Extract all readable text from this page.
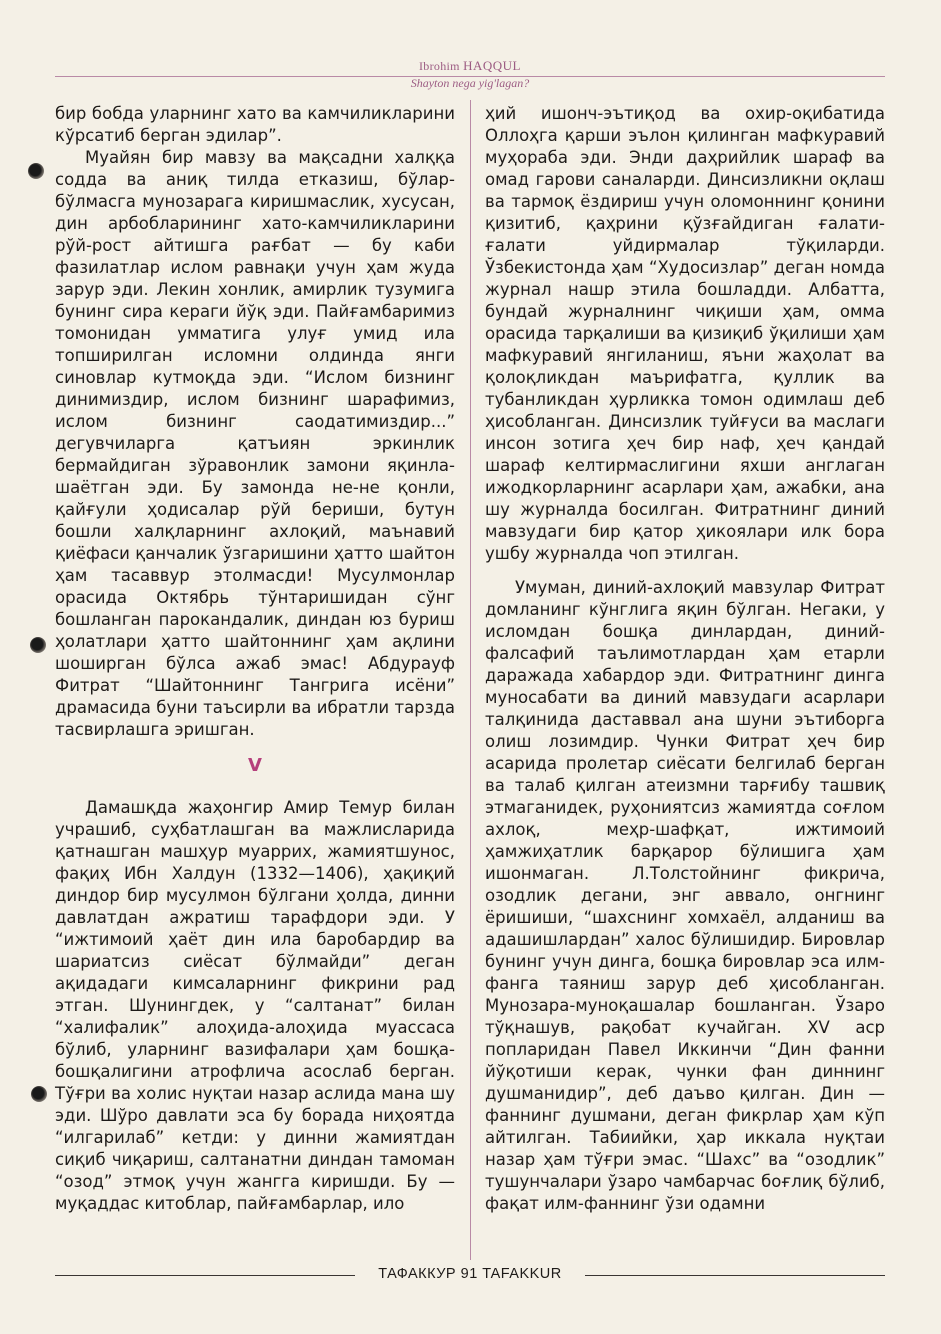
Ibrohim HAQQUL
Shayton nega yig'lagan?

бир бобда уларнинг хато ва камчиликларини кўрсатиб берган эдилар”.

Муайян бир мавзу ва мақсадни халққа содда ва аниқ тилда етказиш, бўлар-бўлмасга мунозарага киришмаслик, хусусан, дин арбобларининг хато-камчиликларини рўй-рост айтишга рағбат — бу каби фазилатлар ислом равнақи учун ҳам жуда зарур эди. Лекин хонлик, амирлик тузумига бунинг сира кераги йўқ эди. Пайғамбаримиз томонидан умматига улуғ умид ила топширилган исломни олдинда янги синовлар кутмоқда эди. “Ислом бизнинг динимиздир, ислом бизнинг шарафимиз, ислом бизнинг саодатимиздир...” дегувчиларга қатъиян эркинлик бермайдиган зўравонлик замони яқинлашаётган эди. Бу замонда не-не қонли, қайғули ҳодисалар рўй бериши, бутун бошли халқларнинг ахлоқий, маънавий қиёфаси қанчалик ўзгаришини ҳатто шайтон ҳам тасаввур этолмасди! Мусулмонлар орасида Октябрь тўнтаришидан сўнг бошланган парокандалик, диндан юз буриш ҳолатлари ҳатто шайтоннинг ҳам ақлини шоширган бўлса ажаб эмас! Абдурауф Фитрат “Шайтоннинг Тангрига исёни” драмасида буни таъсирли ва ибратли тарзда тасвирлашга эришган.

V

Дамашқда жаҳонгир Амир Темур билан учрашиб, суҳбатлашган ва мажлисларида қатнашган машҳур муаррих, жамиятшунос, фақиҳ Ибн Халдун (1332—1406), ҳақиқий диндор бир мусулмон бўлгани ҳолда, динни давлатдан ажратиш тарафдори эди. У “ижтимоий ҳаёт дин ила баробардир ва шариатсиз сиёсат бўлмайди” деган ақидадаги кимсаларнинг фикрини рад этган. Шунингдек, у “салтанат” билан “халифалик” алоҳида-алоҳида муассаса бўлиб, уларнинг вазифалари ҳам бошқа-бошқалигини атрофлича асослаб берган. Тўғри ва холис нуқтаи назар аслида мана шу эди. Шўро давлати эса бу борада ниҳоятда “илгарилаб” кетди: у динни жамиятдан сиқиб чиқариш, салтанатни диндан тамоман “озод” этмоқ учун жангга киришди. Бу — муқаддас китоблар, пайғамбарлар, ило

ҳий ишонч-эътиқод ва охир-оқибатида Оллоҳга қарши эълон қилинган мафкуравий муҳораба эди. Энди даҳрийлик шараф ва омад гарови саналарди. Динсизликни оқлаш ва тармоқ ёздириш учун оломоннинг қонини қизитиб, қаҳрини қўзғайдиган ғалати-ғалати уйдирмалар тўқиларди. Ўзбекистонда ҳам “Худосизлар” деган номда журнал нашр этила бошладди. Албатта, бундай журналнинг чиқиши ҳам, омма орасида тарқалиши ва қизиқиб ўқилиши ҳам мафкуравий янгиланиш, яъни жаҳолат ва қолоқликдан маърифатга, қуллик ва тубанликдан ҳурликка томон одимлаш деб ҳисобланган. Динсизлик туйғуси ва маслаги инсон зотига ҳеч бир наф, ҳеч қандай шараф келтирмаслигини яхши англаган ижодкорларнинг асарлари ҳам, ажабки, ана шу журналда босилган. Фитратнинг диний мавзудаги бир қатор ҳикоялари илк бора ушбу журналда чоп этилган.

Умуман, диний-ахлоқий мавзулар Фитрат домланинг кўнглига яқин бўлган. Негаки, у исломдан бошқа динлардан, диний-фалсафий таълимотлардан ҳам етарли даражада хабардор эди. Фитратнинг динга муносабати ва диний мавзудаги асарлари талқинида даставвал ана шуни эътиборга олиш лозимдир. Чунки Фитрат ҳеч бир асарида пролетар сиёсати белгилаб берган ва талаб қилган атеизмни тарғибу ташвиқ этмаганидек, руҳониятсиз жамиятда соғлом ахлоқ, меҳр-шафқат, ижтимоий ҳамжиҳатлик барқарор бўлишига ҳам ишонмаган. Л.Толстойнинг фикрича, озодлик дегани, энг аввало, онгнинг ёришиши, “шахснинг хомхаёл, алданиш ва адашишлардан” халос бўлишидир. Бировлар бунинг учун динга, бошқа бировлар эса илм-фанга таяниш зарур деб ҳисобланган. Мунозара-муноқашалар бошланган. Ўзаро тўқнашув, рақобат кучайган. XV аср попларидан Павел Иккинчи “Дин фанни йўқотиши керак, чунки фан диннинг душманидир”, деб даъво қилган. Дин — фаннинг душмани, деган фикрлар ҳам кўп айтилган. Табиийки, ҳар иккала нуқтаи назар ҳам тўғри эмас. “Шахс” ва “озодлик” тушунчалари ўзаро чамбарчас боғлиқ бўлиб, фақат илм-фаннинг ўзи одамни

ТАФАККУР 91 TAFAKKUR
